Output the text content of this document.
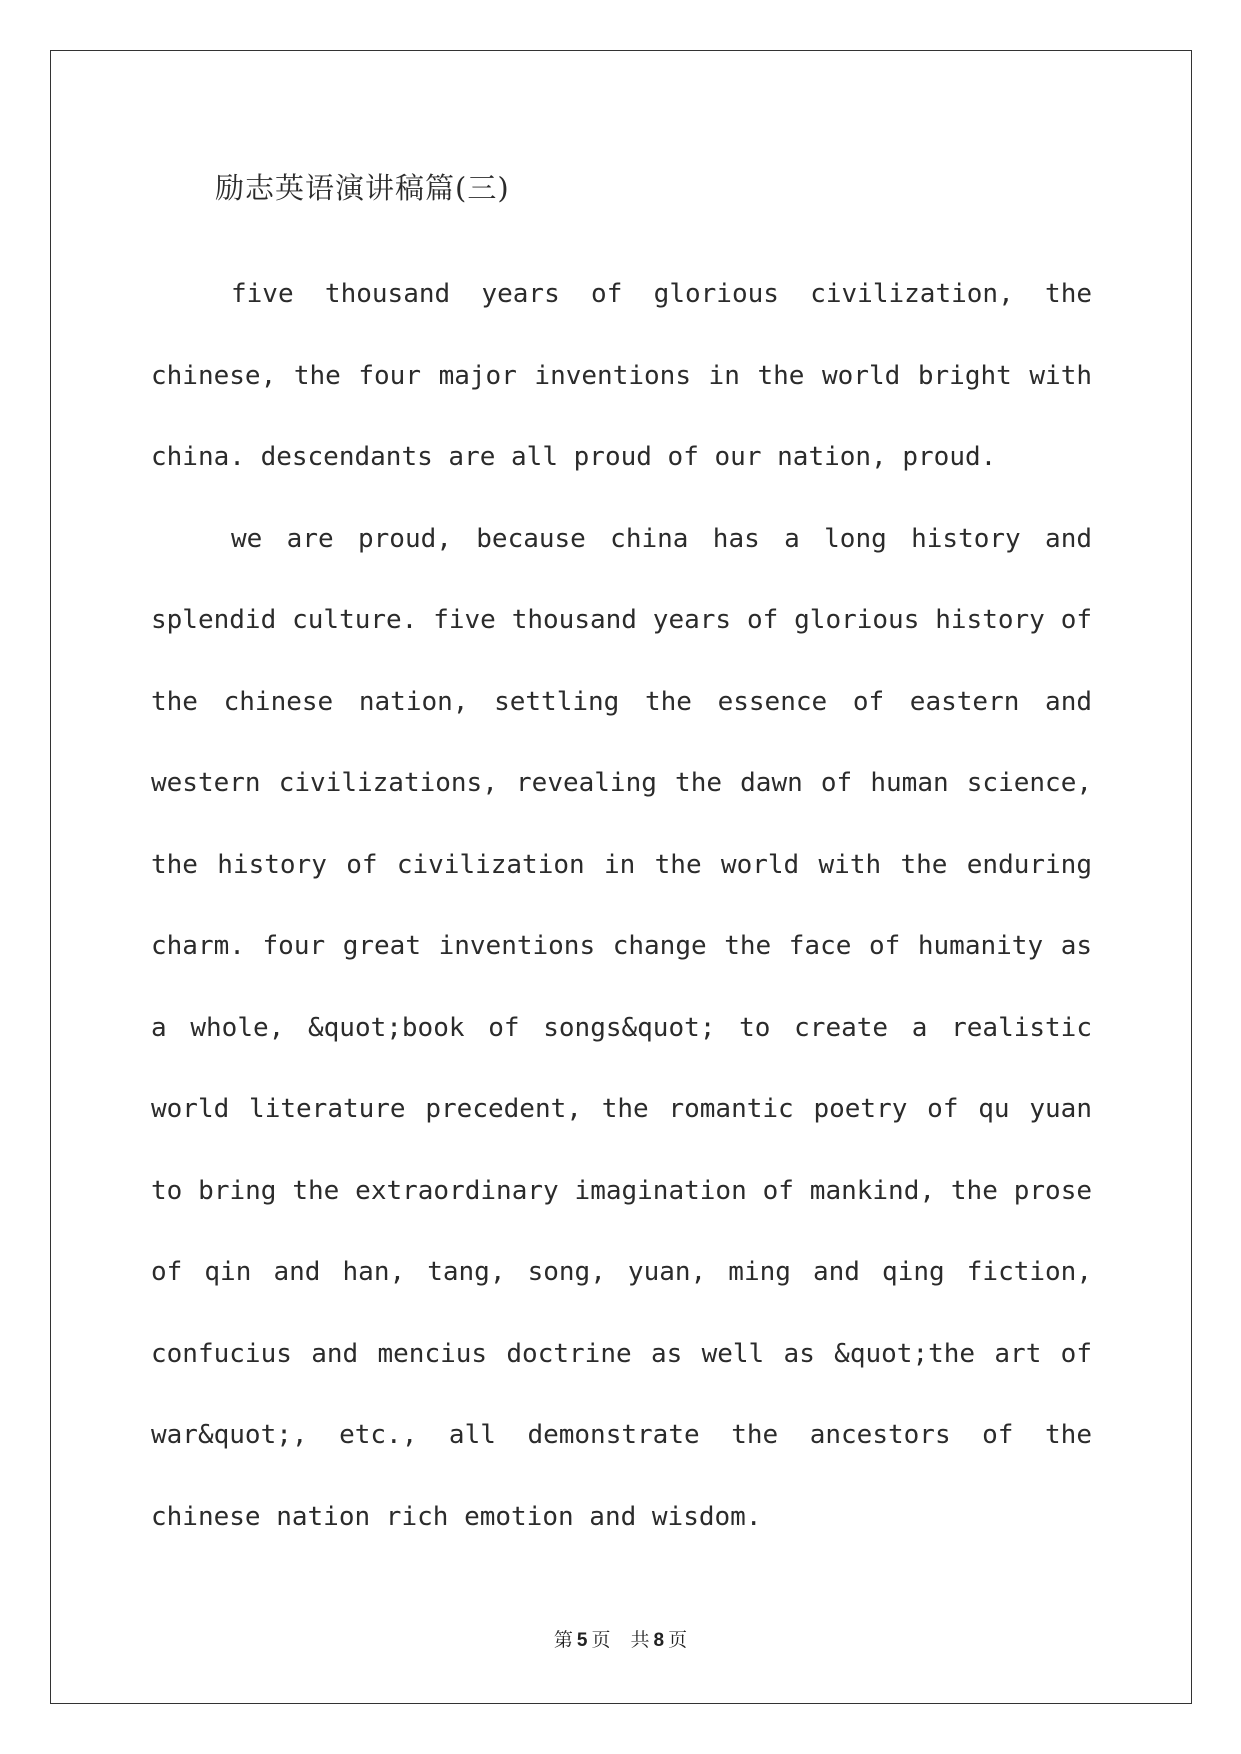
励志英语演讲稿篇(三)

five thousand years of glorious civilization, the chinese, the four major inventions in the world bright with china. descendants are all proud of our nation, proud.

we are proud, because china has a long history and splendid culture. five thousand years of glorious history of the chinese nation, settling the essence of eastern and western civilizations, revealing the dawn of human science, the history of civilization in the world with the enduring charm. four great inventions change the face of humanity as a whole, &quot;book of songs&quot; to create a realistic world literature precedent, the romantic poetry of qu yuan to bring the extraordinary imagination of mankind, the prose of qin and han, tang, song, yuan, ming and qing fiction, confucius and mencius doctrine as well as &quot;the art of war&quot;, etc., all demonstrate the ancestors of the chinese nation rich emotion and wisdom.

第 5 页 共 8 页
